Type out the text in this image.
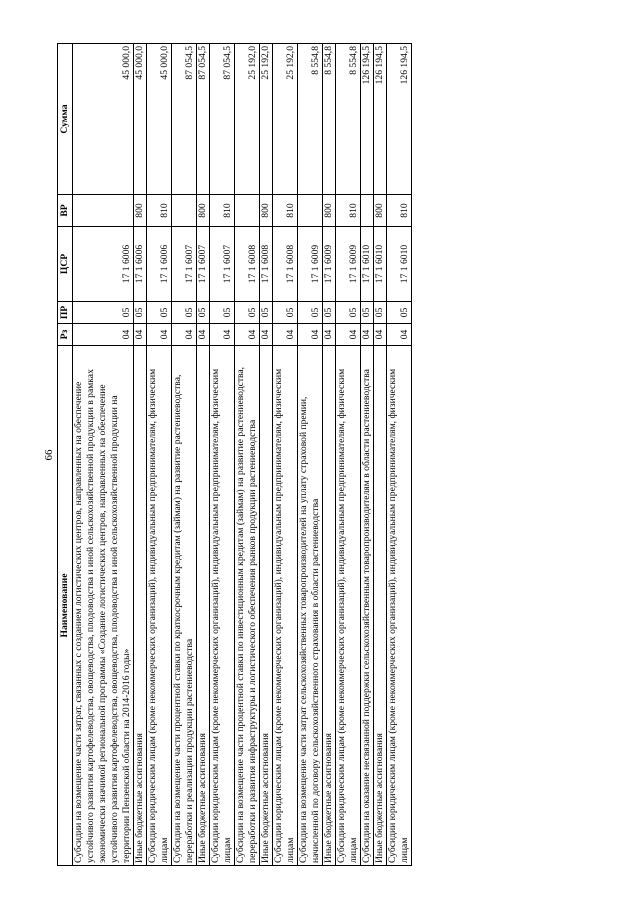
66
Наименование	Рз	ПР	ЦСР	ВР	Сумма
Субсидии на возмещение части затрат, связанных с созданием логистических центров, направленных на обеспечение устойчивого развития картофелеводства, овощеводства, плодоводства и иной сельскохозяйственной продукции в рамках экономически значимой региональной программы «Создание логистических центров, направленных на обеспечение устойчивого развития картофелеводства, овощеводства, плодоводства и иной сельскохозяйственной продукции на территории Пензенской области на 2014-2016 годы»	04	05	17 1 6006		45 000,0
Иные бюджетные ассигнования	04	05	17 1 6006	800	45 000,0
Субсидии юридическим лицам (кроме некоммерческих организаций), индивидуальным предпринимателям, физическим лицам	04	05	17 1 6006	810	45 000,0
Субсидии на возмещение части процентной ставки по краткосрочным кредитам (займам) на развитие растениеводства, переработки и реализации продукции растениеводства	04	05	17 1 6007		87 054,5
Иные бюджетные ассигнования	04	05	17 1 6007	800	87 054,5
Субсидии юридическим лицам (кроме некоммерческих организаций), индивидуальным предпринимателям, физическим лицам	04	05	17 1 6007	810	87 054,5
Субсидии на возмещение части процентной ставки по инвестиционным кредитам (займам) на развитие растениеводства, переработки и развития инфраструктуры и логистического обеспечения рынков продукции растениеводства	04	05	17 1 6008		25 192,0
Иные бюджетные ассигнования	04	05	17 1 6008	800	25 192,0
Субсидии юридическим лицам (кроме некоммерческих организаций), индивидуальным предпринимателям, физическим лицам	04	05	17 1 6008	810	25 192,0
Субсидии на возмещение части затрат сельскохозяйственных товаропроизводителей на уплату страховой премии, начисленной по договору сельскохозяйственного страхования в области растениеводства	04	05	17 1 6009		8 554,8
Иные бюджетные ассигнования	04	05	17 1 6009	800	8 554,8
Субсидии юридическим лицам (кроме некоммерческих организаций), индивидуальным предпринимателям, физическим лицам	04	05	17 1 6009	810	8 554,8
Субсидии на оказание несвязанной поддержки сельскохозяйственным товаропроизводителям в области растениеводства	04	05	17 1 6010		126 194,5
Иные бюджетные ассигнования	04	05	17 1 6010	800	126 194,5
Субсидии юридическим лицам (кроме некоммерческих организаций), индивидуальным предпринимателям, физическим лицам	04	05	17 1 6010	810	126 194,5
